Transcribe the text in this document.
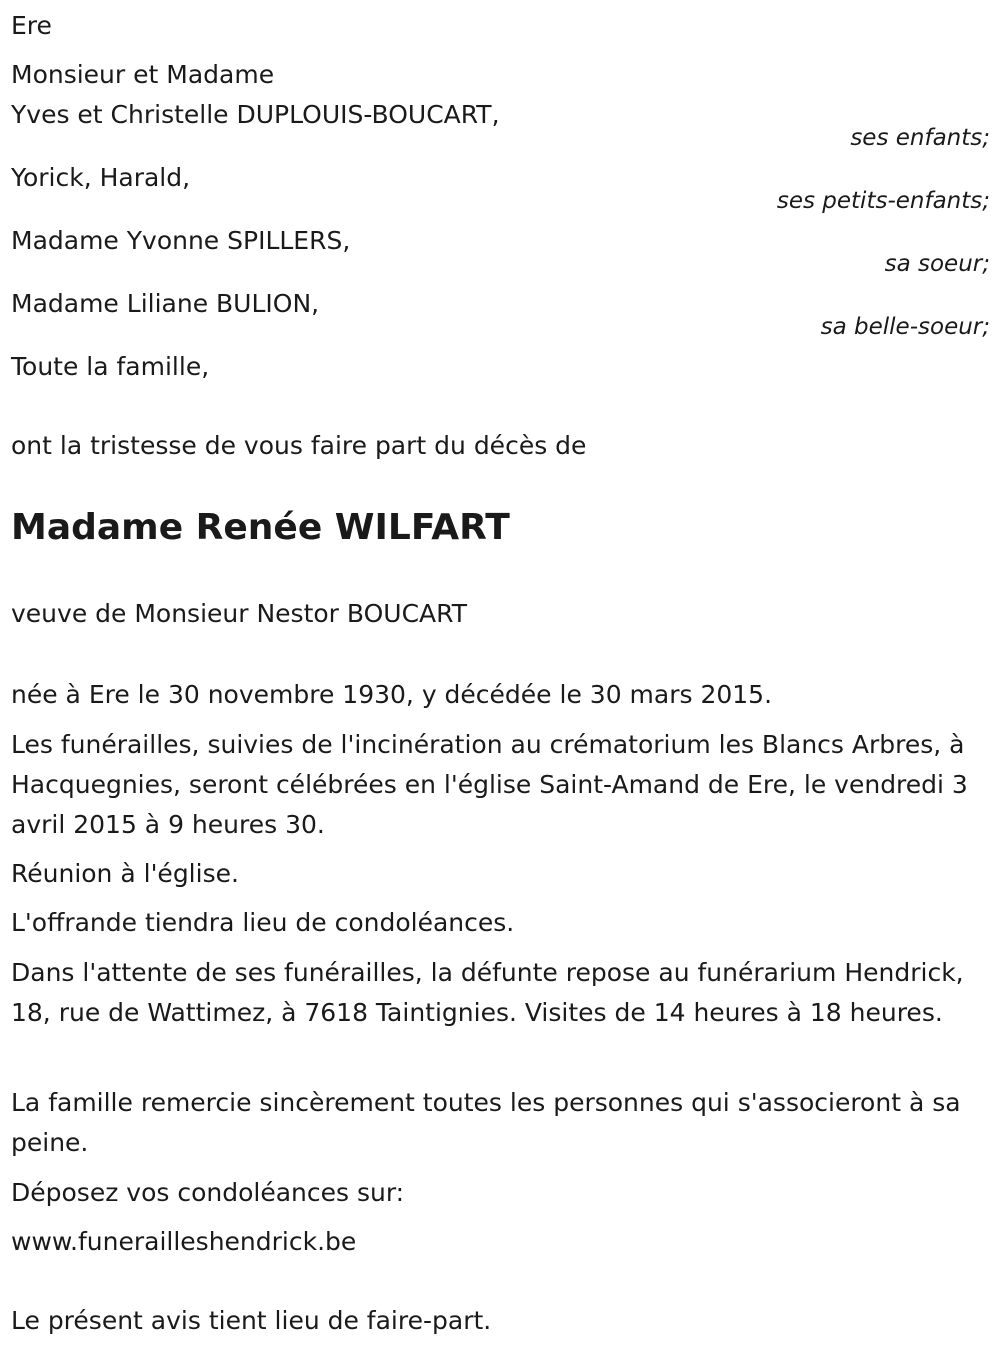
Ere
Monsieur et Madame
Yves et Christelle DUPLOUIS-BOUCART,
ses enfants;
Yorick, Harald,
ses petits-enfants;
Madame Yvonne SPILLERS,
sa soeur;
Madame Liliane BULION,
sa belle-soeur;
Toute la famille,
ont la tristesse de vous faire part du décès de
Madame Renée WILFART
veuve de Monsieur Nestor BOUCART
née à Ere le 30 novembre 1930, y décédée le 30 mars 2015.
Les funérailles, suivies de l'incinération au crématorium les Blancs Arbres, à Hacquegnies, seront célébrées en l'église Saint-Amand de Ere, le vendredi 3 avril 2015 à 9 heures 30.
Réunion à l'église.
L'offrande tiendra lieu de condoléances.
Dans l'attente de ses funérailles, la défunte repose au funérarium Hendrick, 18, rue de Wattimez, à 7618 Taintignies. Visites de 14 heures à 18 heures.
La famille remercie sincèrement toutes les personnes qui s'associeront à sa peine.
Déposez vos condoléances sur:
www.funerailleshendrick.be
Le présent avis tient lieu de faire-part.
